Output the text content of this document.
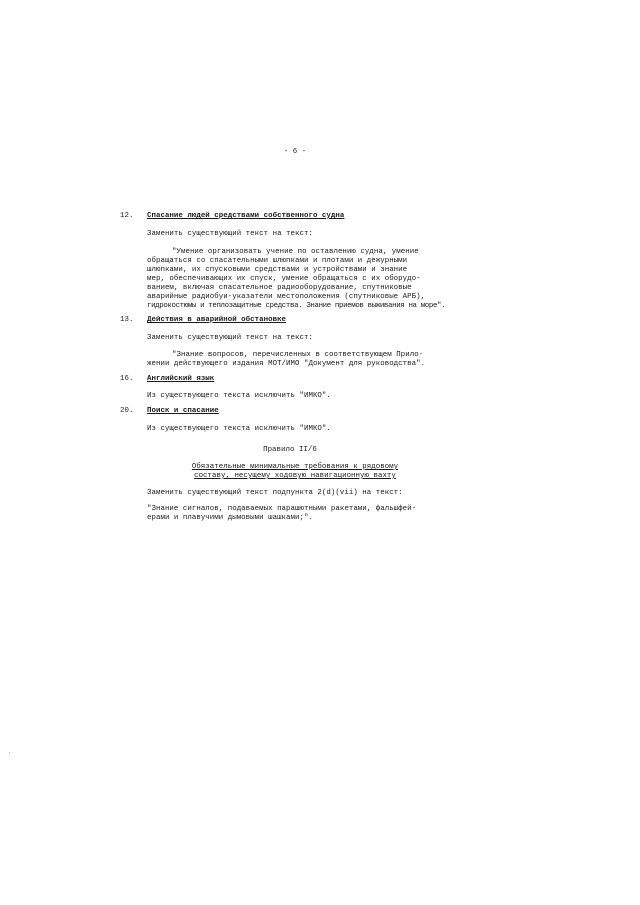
- 6 -
12. Спасание людей средствами собственного судна
Заменить существующий текст на текст:
"Умение организовать учение по оставлению судна, умение
обращаться со спасательными шлюпками и плотами и дежурными
шлюпками, их спусковыми средствами и устройствами и знание
мер, обеспечивающих их спуск, умение обращаться с их оборудо-
ванием, включая спасательное радиооборудование, спутниковые
аварийные радиобуи-указатели местоположения (спутниковые АРБ),
гидрокостюмы и теплозащитные средства. Знание приемов выживания на море".
13. Действия в аварийной обстановке
Заменить существующий текст на текст:
"Знание вопросов, перечисленных в соответствующем Прило-
жении действующего издания МОТ/ИМО "Документ для руководства".
16. Английский язык
Из существующего текста исключить "ИМКО".
20. Поиск и спасание
Из существующего текста исключить "ИМКО".
Правило II/6
Обязательные минимальные требования к рядовому
составу, несущему ходовую навигационную вахту
Заменить существующий текст подпункта 2(d)(vii) на текст:
"Знание сигналов, подаваемых парашютными ракетами, фальшфей-
ерами и плавучими дымовыми шашками;".
